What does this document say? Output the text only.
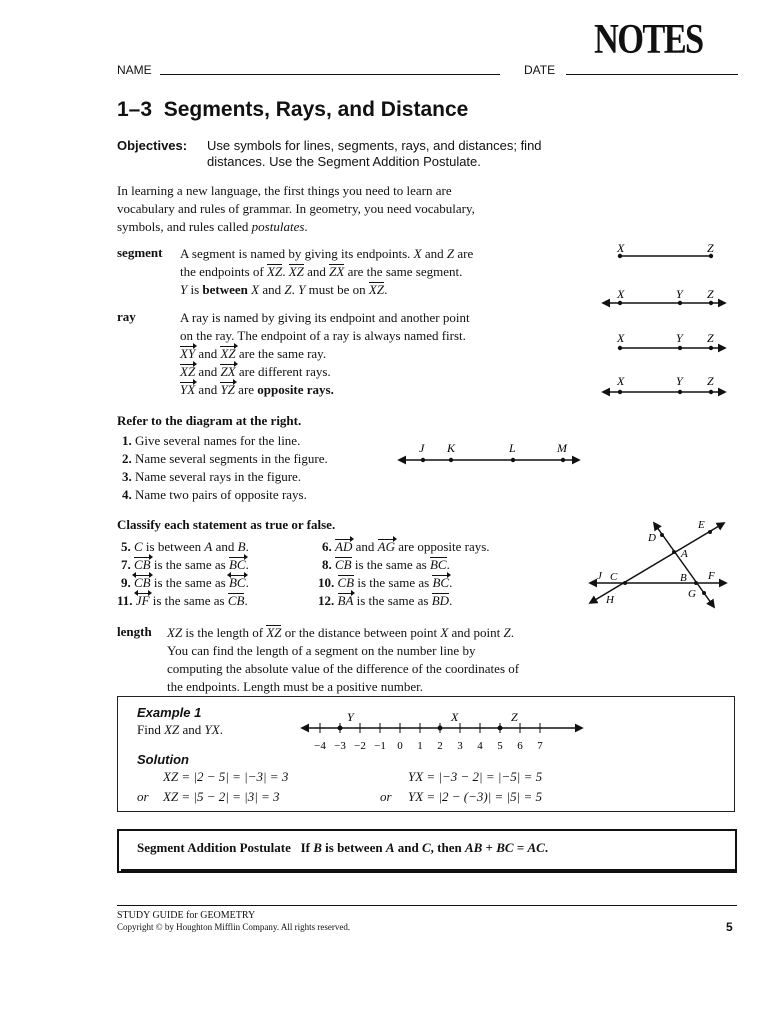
NAME	DATE
NOTES
1–3  Segments, Rays, and Distance
Objectives: Use symbols for lines, segments, rays, and distances; find
distances. Use the Segment Addition Postulate.
In learning a new language, the first things you need to learn are
vocabulary and rules of grammar. In geometry, you need vocabulary,
symbols, and rules called postulates.
segment A segment is named by giving its endpoints. X and Z are
the endpoints of XZ. XZ and ZX are the same segment.
Y is between X and Z. Y must be on XZ.
ray	A ray is named by giving its endpoint and another point
on the ray. The endpoint of a ray is always named first.
XY and XZ are the same ray.
XZ and ZX are different rays.
YX and YZ are opposite rays.
X	Z
X	Y Z
X	Y Z
X	Y Z
Refer to the diagram at the right.
1. Give several names for the line.
2. Name several segments in the figure.
3. Name several rays in the figure.
4. Name two pairs of opposite rays.
J K	L	M
Classify each statement as true or false.
5. C is between A and B.
7. CB is the same as BC.
9. CB is the same as
BC.
11. JF is the same as CB.
6. AD and AG are opposite rays.
8. CB is the same as BC.
10. CB is the same as BC.
12. BA is the same as BD.
D
E
A
J C	B F
H	G
length XZ is the length of XZ or the distance between point X and point Z.
You can find the length of a segment on the number line by
computing the absolute value of the difference of the coordinates of
the endpoints. Length must be a positive number.
Example 1
Find XZ and YX.
Solution
−4 −3 −2 −1 0 1 2 3 4 5 6 7
Y	X	Z
XZ = |2 − 5| = |−3| = 3
or XZ = |5 − 2| = |3| = 3
YX = |−3 − 2| = |−5| = 5
or YX = |2 − (−3)| = |5| = 5
Segment Addition Postulate If B is between A and C, then AB + BC = AC.
STUDY GUIDE for GEOMETRY
Copyright © by Houghton Mifflin Company. All rights reserved.	5
